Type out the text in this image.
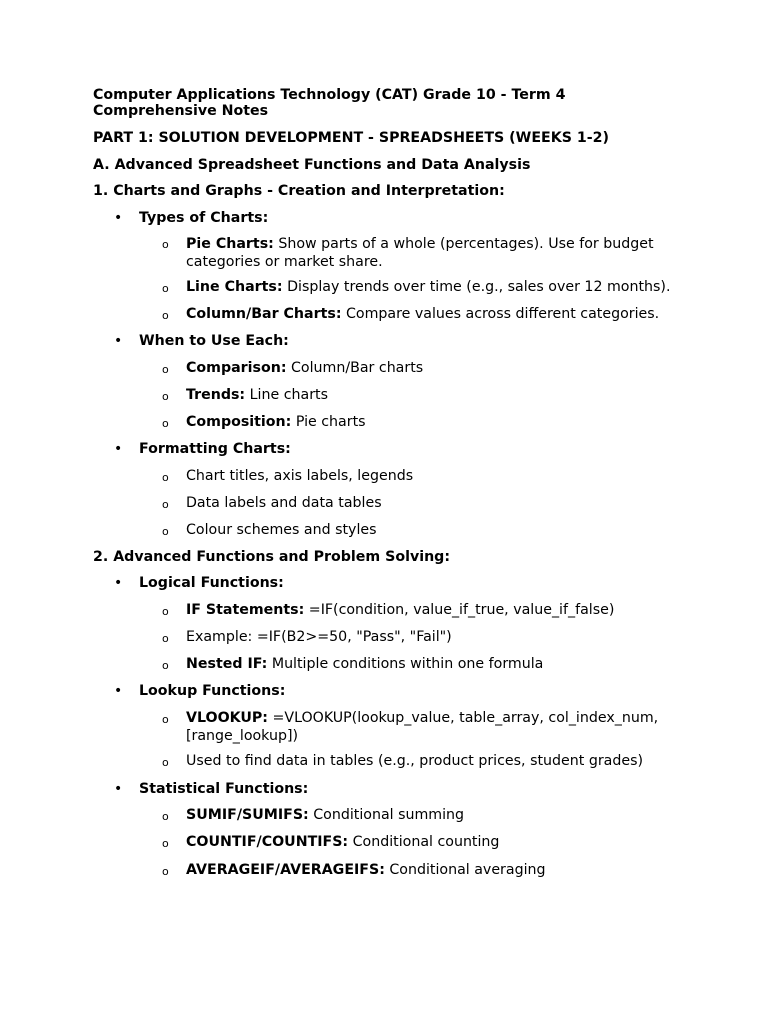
Computer Applications Technology (CAT) Grade 10 - Term 4
Comprehensive Notes
PART 1: SOLUTION DEVELOPMENT - SPREADSHEETS (WEEKS 1-2)
A. Advanced Spreadsheet Functions and Data Analysis
1. Charts and Graphs - Creation and Interpretation:
• Types of Charts:
o Pie Charts: Show parts of a whole (percentages). Use for budget categories or market share.
o Line Charts: Display trends over time (e.g., sales over 12 months).
o Column/Bar Charts: Compare values across different categories.
• When to Use Each:
o Comparison: Column/Bar charts
o Trends: Line charts
o Composition: Pie charts
• Formatting Charts:
o Chart titles, axis labels, legends
o Data labels and data tables
o Colour schemes and styles
2. Advanced Functions and Problem Solving:
• Logical Functions:
o IF Statements: =IF(condition, value_if_true, value_if_false)
o Example: =IF(B2>=50, "Pass", "Fail")
o Nested IF: Multiple conditions within one formula
• Lookup Functions:
o VLOOKUP: =VLOOKUP(lookup_value, table_array, col_index_num, [range_lookup])
o Used to find data in tables (e.g., product prices, student grades)
• Statistical Functions:
o SUMIF/SUMIFS: Conditional summing
o COUNTIF/COUNTIFS: Conditional counting
o AVERAGEIF/AVERAGEIFS: Conditional averaging
